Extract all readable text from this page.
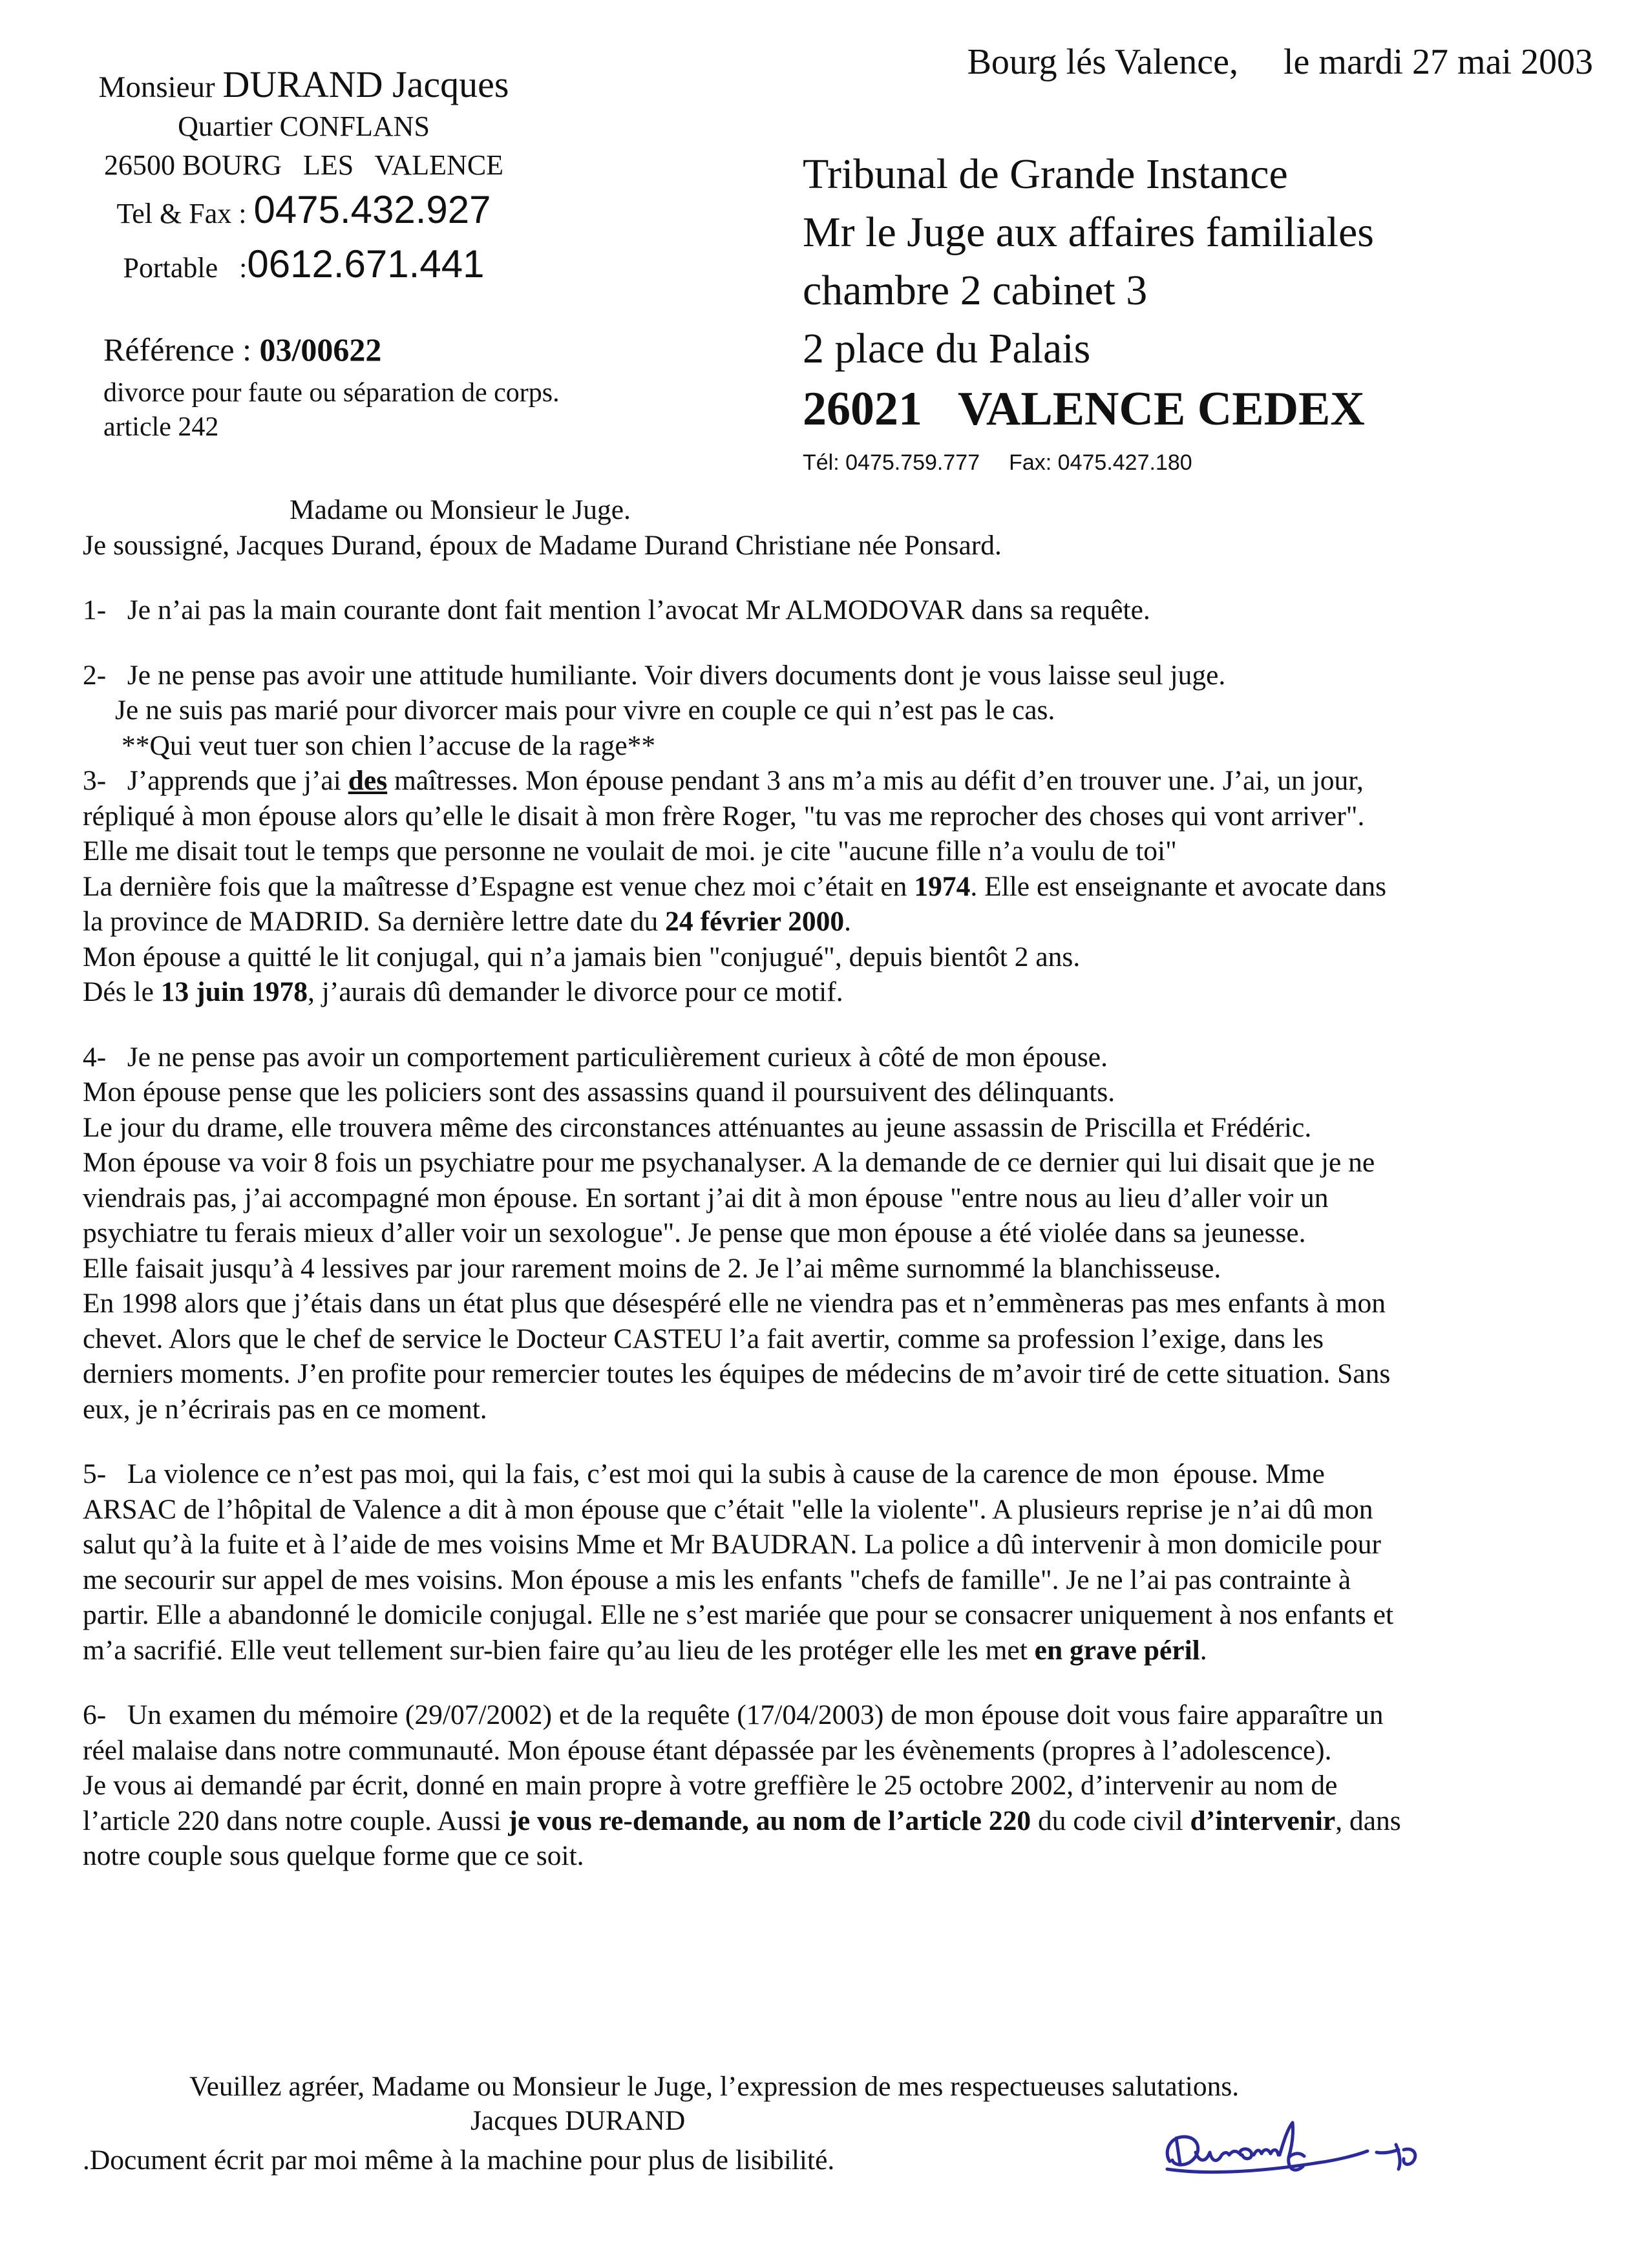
Bourg lés Valence, le mardi 27 mai 2003

Monsieur DURAND Jacques

Quartier CONFLANS

26500 BOURG   LES   VALENCE

Tel & Fax : 0475.432.927

Portable   :0612.671.441

Référence : 03/00622
divorce pour faute ou séparation de corps.
article 242
Tribunal de Grande Instance
Mr le Juge aux affaires familiales
chambre 2 cabinet 3
2 place du Palais
26021 VALENCE CEDEX
Tél: 0475.759.777 Fax: 0475.427.180

Madame ou Monsieur le Juge.

Je soussigné, Jacques Durand, époux de Madame Durand Christiane née Ponsard.

1-   Je n’ai pas la main courante dont fait mention l’avocat Mr ALMODOVAR dans sa requête.

2-   Je ne pense pas avoir une attitude humiliante. Voir divers documents dont je vous laisse seul juge.

Je ne suis pas marié pour divorcer mais pour vivre en couple ce qui n’est pas le cas.

**Qui veut tuer son chien l’accuse de la rage**

3-   J’apprends que j’ai des maîtresses. Mon épouse pendant 3 ans m’a mis au défit d’en trouver une. J’ai, un jour,

répliqué à mon épouse alors qu’elle le disait à mon frère Roger, "tu vas me reprocher des choses qui vont arriver".

Elle me disait tout le temps que personne ne voulait de moi. je cite "aucune fille n’a voulu de toi"

La dernière fois que la maîtresse d’Espagne est venue chez moi c’était en 1974. Elle est enseignante et avocate dans

la province de MADRID. Sa dernière lettre date du 24 février 2000.

Mon épouse a quitté le lit conjugal, qui n’a jamais bien "conjugué", depuis bientôt 2 ans.

Dés le 13 juin 1978, j’aurais dû demander le divorce pour ce motif.

4-   Je ne pense pas avoir un comportement particulièrement curieux à côté de mon épouse.

Mon épouse pense que les policiers sont des assassins quand il poursuivent des délinquants.

Le jour du drame, elle trouvera même des circonstances atténuantes au jeune assassin de Priscilla et Frédéric.

Mon épouse va voir 8 fois un psychiatre pour me psychanalyser. A la demande de ce dernier qui lui disait que je ne

viendrais pas, j’ai accompagné mon épouse. En sortant j’ai dit à mon épouse "entre nous au lieu d’aller voir un

psychiatre tu ferais mieux d’aller voir un sexologue". Je pense que mon épouse a été violée dans sa jeunesse.

Elle faisait jusqu’à 4 lessives par jour rarement moins de 2. Je l’ai même surnommé la blanchisseuse.

En 1998 alors que j’étais dans un état plus que désespéré elle ne viendra pas et n’emmèneras pas mes enfants à mon

chevet. Alors que le chef de service le Docteur CASTEU l’a fait avertir, comme sa profession l’exige, dans les

derniers moments. J’en profite pour remercier toutes les équipes de médecins de m’avoir tiré de cette situation. Sans

eux, je n’écrirais pas en ce moment.

5-   La violence ce n’est pas moi, qui la fais, c’est moi qui la subis à cause de la carence de mon  épouse. Mme

ARSAC de l’hôpital de Valence a dit à mon épouse que c’était "elle la violente". A plusieurs reprise je n’ai dû mon

salut qu’à la fuite et à l’aide de mes voisins Mme et Mr BAUDRAN. La police a dû intervenir à mon domicile pour

me secourir sur appel de mes voisins. Mon épouse a mis les enfants "chefs de famille". Je ne l’ai pas contrainte à

partir. Elle a abandonné le domicile conjugal. Elle ne s’est mariée que pour se consacrer uniquement à nos enfants et

m’a sacrifié. Elle veut tellement sur-bien faire qu’au lieu de les protéger elle les met en grave péril.

6-   Un examen du mémoire (29/07/2002) et de la requête (17/04/2003) de mon épouse doit vous faire apparaître un

réel malaise dans notre communauté. Mon épouse étant dépassée par les évènements (propres à l’adolescence).

Je vous ai demandé par écrit, donné en main propre à votre greffière le 25 octobre 2002, d’intervenir au nom de

l’article 220 dans notre couple. Aussi je vous re-demande, au nom de l’article 220 du code civil d’intervenir, dans

notre couple sous quelque forme que ce soit.

Veuillez agréer, Madame ou Monsieur le Juge, l’expression de mes respectueuses salutations.

Jacques DURAND

.Document écrit par moi même à la machine pour plus de lisibilité.
